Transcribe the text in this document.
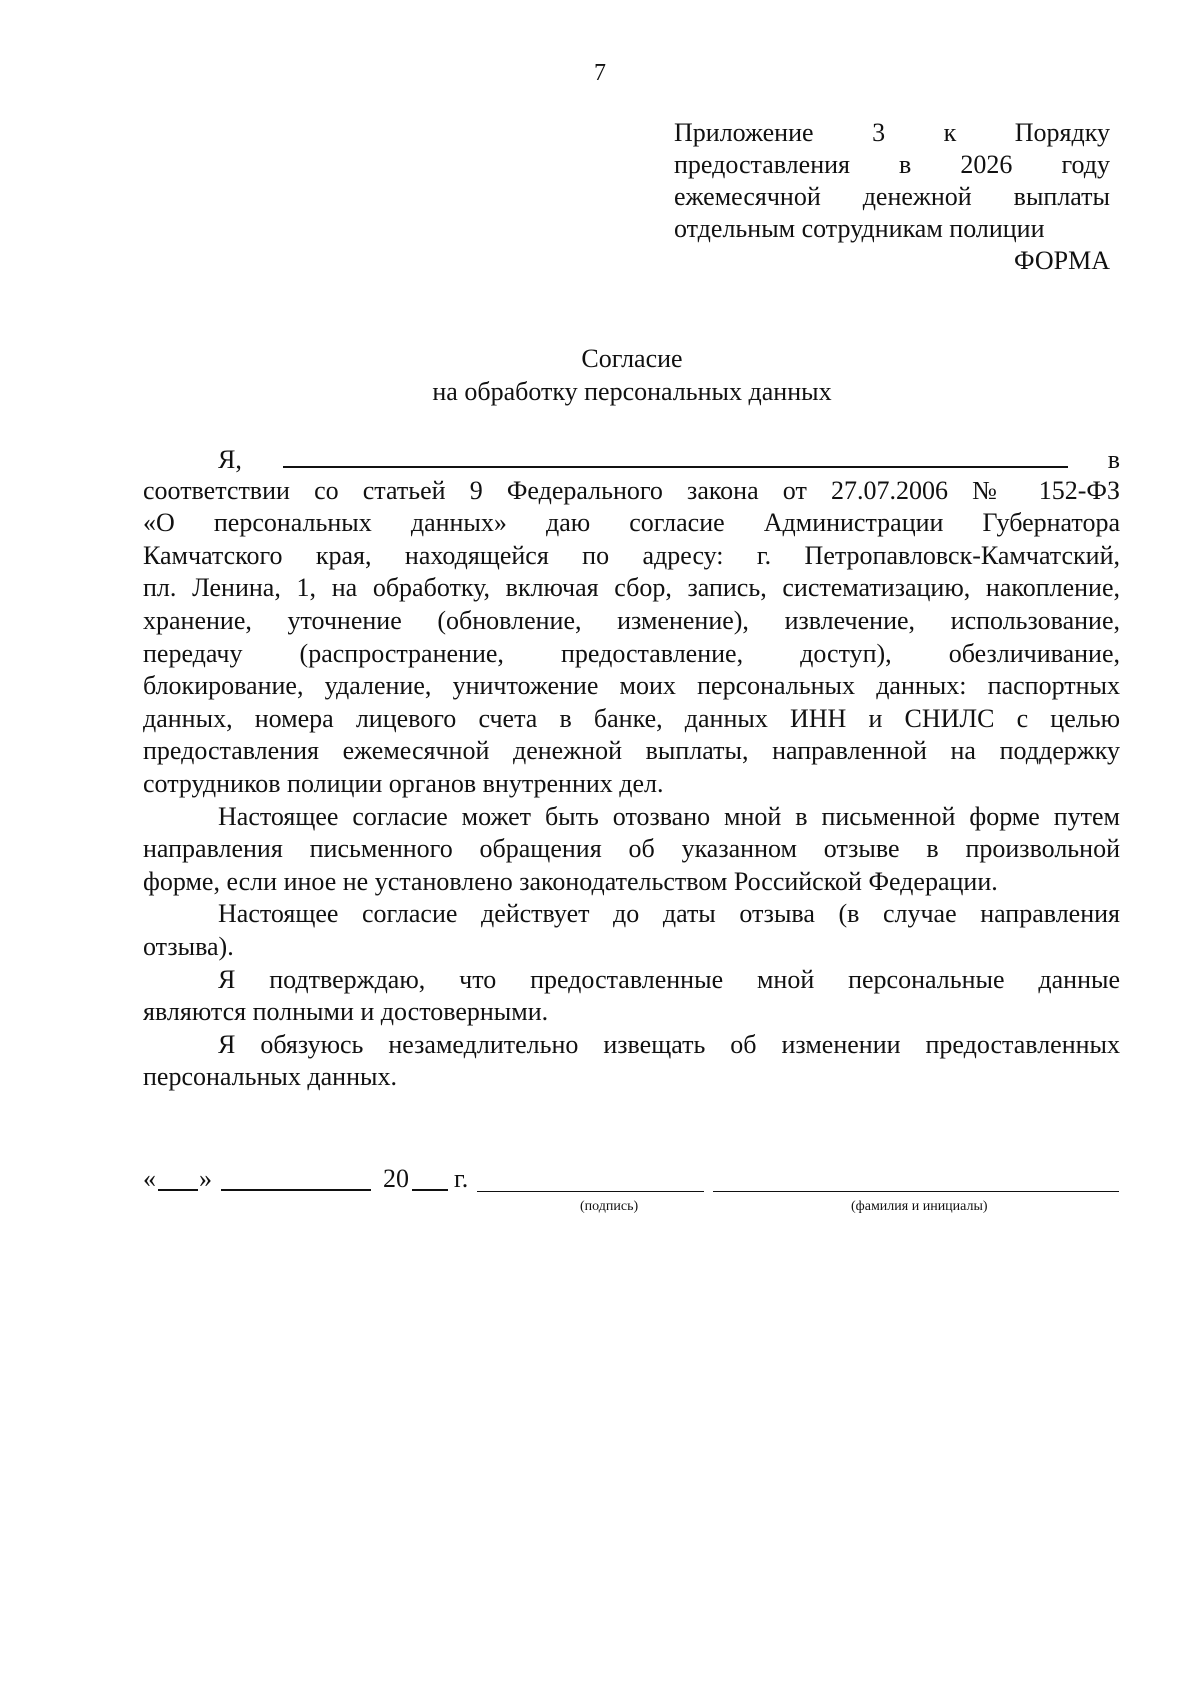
7
Приложение 3 к Порядку
предоставления в 2026 году
ежемесячной денежной выплаты
отдельным сотрудникам полиции
ФОРМА
Согласие
на обработку персональных данных
Я,	в
соответствии со статьей 9 Федерального закона от 27.07.2006 № 152-ФЗ
«О персональных данных» даю согласие Администрации Губернатора
Камчатского края, находящейся по адресу: г. Петропавловск-Камчатский,
пл. Ленина, 1, на обработку, включая сбор, запись, систематизацию, накопление,
хранение, уточнение (обновление, изменение), извлечение, использование,
передачу (распространение, предоставление, доступ), обезличивание,
блокирование, удаление, уничтожение моих персональных данных: паспортных
данных, номера лицевого счета в банке, данных ИНН и СНИЛС с целью
предоставления ежемесячной денежной выплаты, направленной на поддержку
сотрудников полиции органов внутренних дел.
Настоящее согласие может быть отозвано мной в письменной форме путем
направления письменного обращения об указанном отзыве в произвольной
форме, если иное не установлено законодательством Российской Федерации.
Настоящее согласие действует до даты отзыва (в случае направления
отзыва).
Я подтверждаю, что предоставленные мной персональные данные
являются полными и достоверными.
Я обязуюсь незамедлительно извещать об изменении предоставленных
персональных данных.
« »	20 г.
(подпись)	(фамилия и инициалы)
